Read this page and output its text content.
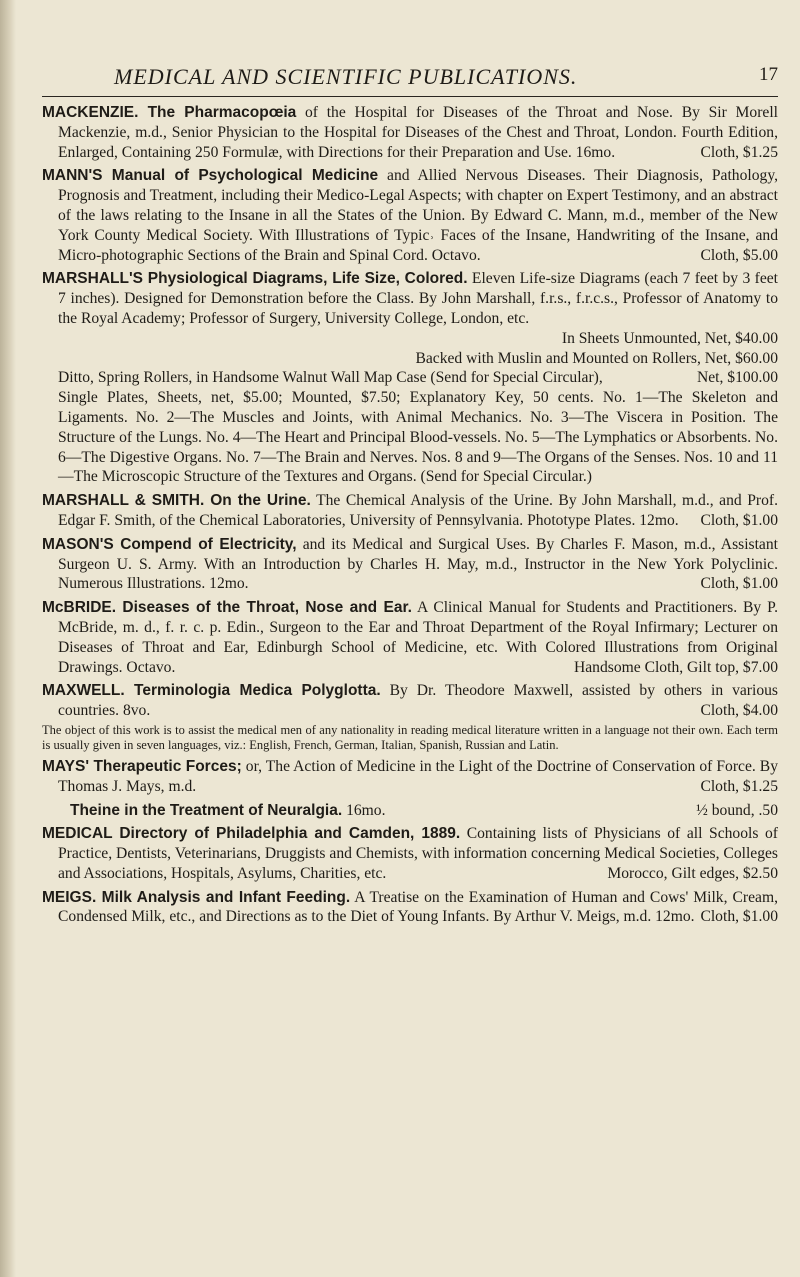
MEDICAL AND SCIENTIFIC PUBLICATIONS.	17

MACKENZIE. The Pharmacopœia of the Hospital for Diseases of the Throat and Nose. By Sir Morell Mackenzie, m.d., Senior Physician to the Hospital for Diseases of the Chest and Throat, London. Fourth Edition, Enlarged, Containing 250 Formulæ, with Directions for their Preparation and Use. 16mo.	Cloth, $1.25

MANN'S Manual of Psychological Medicine and Allied Nervous Diseases. Their Diagnosis, Pathology, Prognosis and Treatment, including their Medico-Legal Aspects; with chapter on Expert Testimony, and an abstract of the laws relating to the Insane in all the States of the Union. By Edward C. Mann, m.d., member of the New York County Medical Society. With Illustrations of Typic˒ Faces of the Insane, Handwriting of the Insane, and Micro-photographic Sections of the Brain and Spinal Cord. Octavo.	Cloth, $5.00

MARSHALL'S Physiological Diagrams, Life Size, Colored. Eleven Life-size Diagrams (each 7 feet by 3 feet 7 inches). Designed for Demonstration before the Class. By John Marshall, f.r.s., f.r.c.s., Professor of Anatomy to the Royal Academy; Professor of Surgery, University College, London, etc.

In Sheets Unmounted, Net, $40.00

Backed with Muslin and Mounted on Rollers, Net, $60.00

Ditto, Spring Rollers, in Handsome Walnut Wall Map Case (Send for Special Circular),	Net, $100.00

Single Plates, Sheets, net, $5.00; Mounted, $7.50; Explanatory Key, 50 cents. No. 1—The Skeleton and Ligaments. No. 2—The Muscles and Joints, with Animal Mechanics. No. 3—The Viscera in Position. The Structure of the Lungs. No. 4—The Heart and Principal Blood-vessels. No. 5—The Lymphatics or Absorbents. No. 6—The Digestive Organs. No. 7—The Brain and Nerves. Nos. 8 and 9—The Organs of the Senses. Nos. 10 and 11—The Microscopic Structure of the Textures and Organs. (Send for Special Circular.)

MARSHALL & SMITH. On the Urine. The Chemical Analysis of the Urine. By John Marshall, m.d., and Prof. Edgar F. Smith, of the Chemical Laboratories, University of Pennsylvania. Phototype Plates. 12mo. Cloth, $1.00

MASON'S Compend of Electricity, and its Medical and Surgical Uses. By Charles F. Mason, m.d., Assistant Surgeon U. S. Army. With an Introduction by Charles H. May, m.d., Instructor in the New York Polyclinic. Numerous Illustrations. 12mo.	Cloth, $1.00

McBRIDE. Diseases of the Throat, Nose and Ear. A Clinical Manual for Students and Practitioners. By P. McBride, m. d., f. r. c. p. Edin., Surgeon to the Ear and Throat Department of the Royal Infirmary; Lecturer on Diseases of Throat and Ear, Edinburgh School of Medicine, etc. With Colored Illustrations from Original Drawings. Octavo.	Handsome Cloth, Gilt top, $7.00

MAXWELL. Terminologia Medica Polyglotta. By Dr. Theodore Maxwell, assisted by others in various countries. 8vo.	Cloth, $4.00

The object of this work is to assist the medical men of any nationality in reading medical literature written in a language not their own. Each term is usually given in seven languages, viz.: English, French, German, Italian, Spanish, Russian and Latin.

MAYS' Therapeutic Forces; or, The Action of Medicine in the Light of the Doctrine of Conservation of Force. By Thomas J. Mays, m.d.	Cloth, $1.25

Theine in the Treatment of Neuralgia. 16mo.	½ bound, .50

MEDICAL Directory of Philadelphia and Camden, 1889. Containing lists of Physicians of all Schools of Practice, Dentists, Veterinarians, Druggists and Chemists, with information concerning Medical Societies, Colleges and Associations, Hospitals, Asylums, Charities, etc.	Morocco, Gilt edges, $2.50

MEIGS. Milk Analysis and Infant Feeding. A Treatise on the Examination of Human and Cows' Milk, Cream, Condensed Milk, etc., and Directions as to the Diet of Young Infants. By Arthur V. Meigs, m.d. 12mo. Cloth, $1.00
